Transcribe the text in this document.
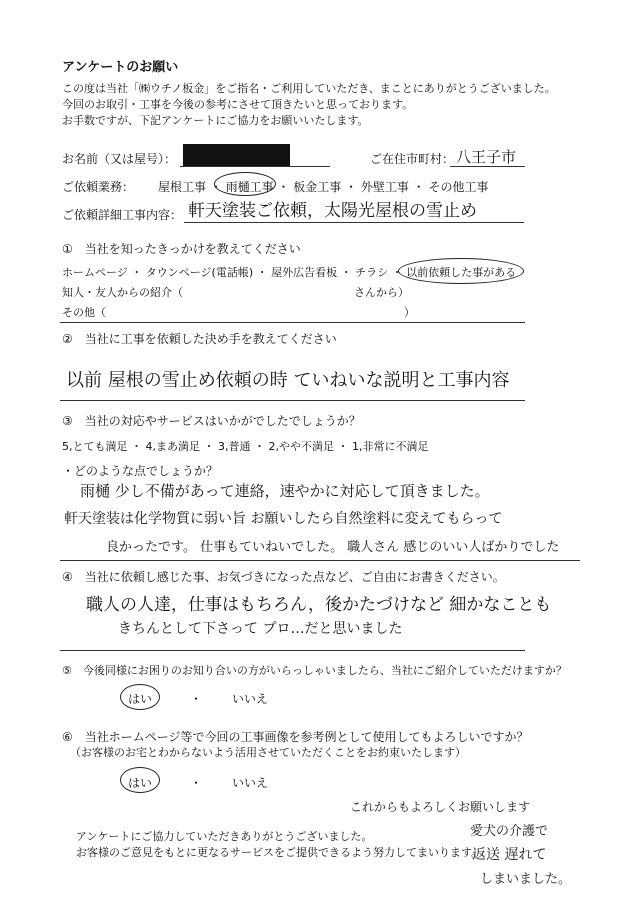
アンケートのお願い
この度は当社「㈱ウチノ板金」をご指名・ご利用していただき、まことにありがとうございました。
今回のお取引・工事を今後の参考にさせて頂きたいと思っております。
お手数ですが、下記アンケートにご協力をお願いいたします。
お名前（又は屋号）：	ご在住市町村： 八王子市
ご依頼業務： 屋根工事 ・ 雨樋工事 ・ 板金工事 ・ 外壁工事 ・ その他工事
ご依頼詳細工事内容： 軒天塗装ご依頼，太陽光屋根の雪止め
①　当社を知ったきっかけを教えてください
ホームページ ・ タウンページ(電話帳) ・ 屋外広告看板 ・ チラシ ・ 以前依頼した事がある
知人・友人からの紹介（	さんから）
その他（	）
②　当社に工事を依頼した決め手を教えてください
以前 屋根の雪止め依頼の時 ていねいな説明と工事内容
③　当社の対応やサービスはいかがでしたでしょうか？
5,とても満足 ・ 4,まあ満足 ・ 3,普通 ・ 2,やや不満足 ・ 1,非常に不満足
・どのような点でしょうか？
雨樋 少し不備があって連絡，速やかに対応して頂きました。
軒天塗装は化学物質に弱い旨 お願いしたら自然塗料に変えてもらって
良かったです。 仕事もていねいでした。 職人さん 感じのいい人ばかりでした
④　当社に依頼し感じた事、お気づきになった点など、ご自由にお書きください。
職人の人達，仕事はもちろん，後かたづけなど 細かなことも
きちんとして下さって プロ…だと思いました
⑤　今後同様にお困りのお知り合いの方がいらっしゃいましたら、当社にご紹介していただけますか？
はい	・ いいえ
⑥　当社ホームページ等で今回の工事画像を参考例として使用してもよろしいですか？
（お客様のお宅とわからないよう活用させていただくことをお約束いたします）
はい	・ いいえ
これからもよろしくお願いします
愛犬の介護で
返送 遅れて
しまいました。
アンケートにご協力していただきありがとうございました。
お客様のご意見をもとに更なるサービスをご提供できるよう努力してまいります。
